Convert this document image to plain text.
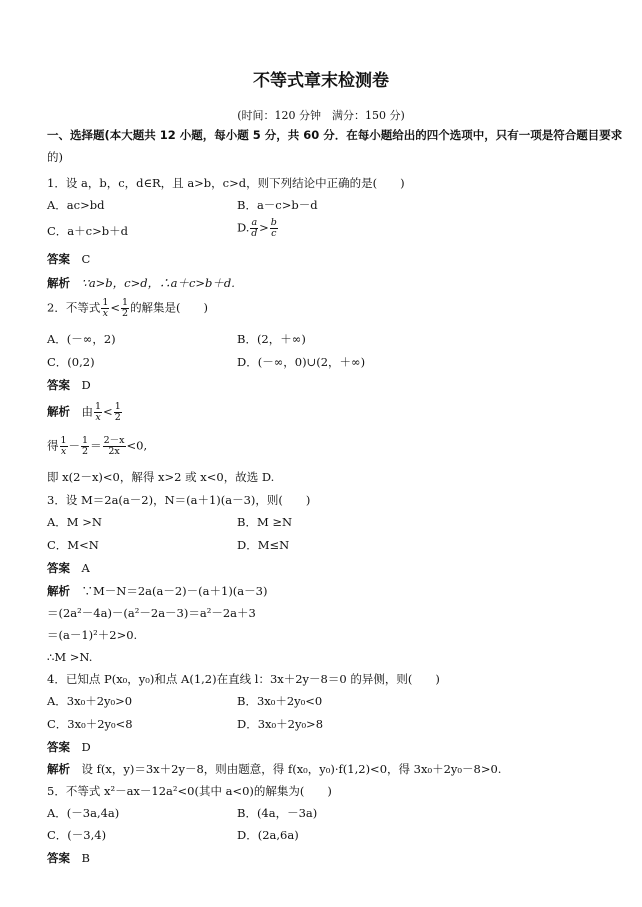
不等式章末检测卷
(时间：120 分钟　满分：150 分)
一、选择题(本大题共 12 小题，每小题 5 分，共 60 分．在每小题给出的四个选项中，只有一项是符合题目要求
的)
1．设 a，b，c，d∈R，且 a>b，c>d，则下列结论中正确的是(　　)
A．ac>bd	B．a－c>b－d
C．a＋c>b＋d	D. $\frac{a}{d} > \frac{b}{c}$
答案　 C
解析　 ∵a>b，c>d，∴a＋c>b＋d.
2．不等式 $\frac{1}{x} < \frac{1}{2}$ 的解集是(　　)
A．(－∞，2)	B．(2，＋∞)
C．(0,2)	D．(－∞，0)∪(2，＋∞)
答案　 D
解析　 由 $\frac{1}{x} < \frac{1}{2}$
得 $\frac{1}{x} - \frac{1}{2} = \frac{2-x}{2x} <0$,
即 x(2－x)<0，解得 x>2 或 x<0，故选 D.
3．设 M＝2a(a－2)，N＝(a＋1)(a－3)，则(　　)
A．M >N	B．M ≥N
C．M<N	D．M≤N
答案　 A
解析　 ∵M－N＝2a(a－2)－(a＋1)(a－3)
＝(2a²－4a)－(a²－2a－3)＝a²－2a＋3
＝(a－1)²＋2>0.
∴M >N.
4．已知点 P(x₀，y₀)和点 A(1,2)在直线 l：3x＋2y－8＝0 的异侧，则(　　)
A．3x₀＋2y₀>0	B．3x₀＋2y₀<0
C．3x₀＋2y₀<8	D．3x₀＋2y₀>8
答案　 D
解析　 设 f(x，y)＝3x＋2y－8，则由题意，得 f(x₀，y₀)·f(1,2)<0，得 3x₀＋2y₀－8>0.
5．不等式 x²－ax－12a²<0(其中 a<0)的解集为(　　)
A．(－3a,4a)	B．(4a，－3a)
C．(－3,4)	D．(2a,6a)
答案　 B
